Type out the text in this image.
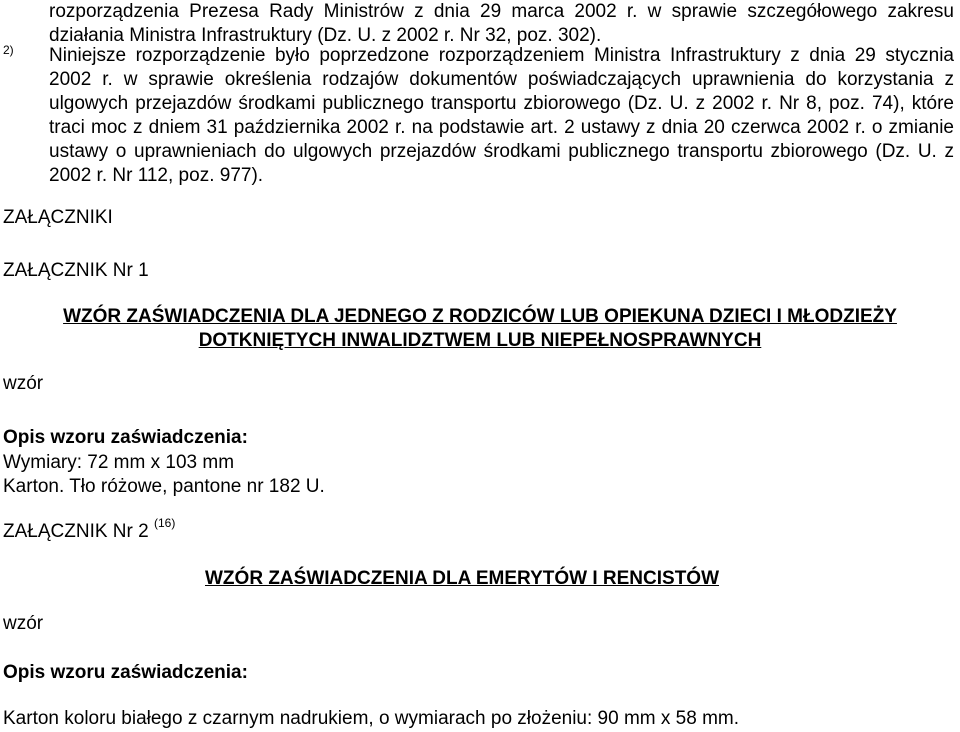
rozporządzenia Prezesa Rady Ministrów z dnia 29 marca 2002 r. w sprawie szczegółowego zakresu działania Ministra Infrastruktury (Dz. U. z 2002 r. Nr 32, poz. 302).
2) Niniejsze rozporządzenie było poprzedzone rozporządzeniem Ministra Infrastruktury z dnia 29 stycznia 2002 r. w sprawie określenia rodzajów dokumentów poświadczających uprawnienia do korzystania z ulgowych przejazdów środkami publicznego transportu zbiorowego (Dz. U. z 2002 r. Nr 8, poz. 74), które traci moc z dniem 31 października 2002 r. na podstawie art. 2 ustawy z dnia 20 czerwca 2002 r. o zmianie ustawy o uprawnieniach do ulgowych przejazdów środkami publicznego transportu zbiorowego (Dz. U. z 2002 r. Nr 112, poz. 977).
ZAŁĄCZNIKI
ZAŁĄCZNIK Nr 1
WZÓR ZAŚWIADCZENIA DLA JEDNEGO Z RODZICÓW LUB OPIEKUNA DZIECI I MŁODZIEŻY DOTKNIĘTYCH INWALIDZTWEM LUB NIEPEŁNOSPRAWNYCH
wzór
Opis wzoru zaświadczenia:
Wymiary: 72 mm x 103 mm
Karton. Tło różowe, pantone nr 182 U.
ZAŁĄCZNIK Nr 2 $^{(16)}$
WZÓR ZAŚWIADCZENIA DLA EMERYTÓW I RENCISTÓW
wzór
Opis wzoru zaświadczenia:
Karton koloru białego z czarnym nadrukiem, o wymiarach po złożeniu: 90 mm x 58 mm.
